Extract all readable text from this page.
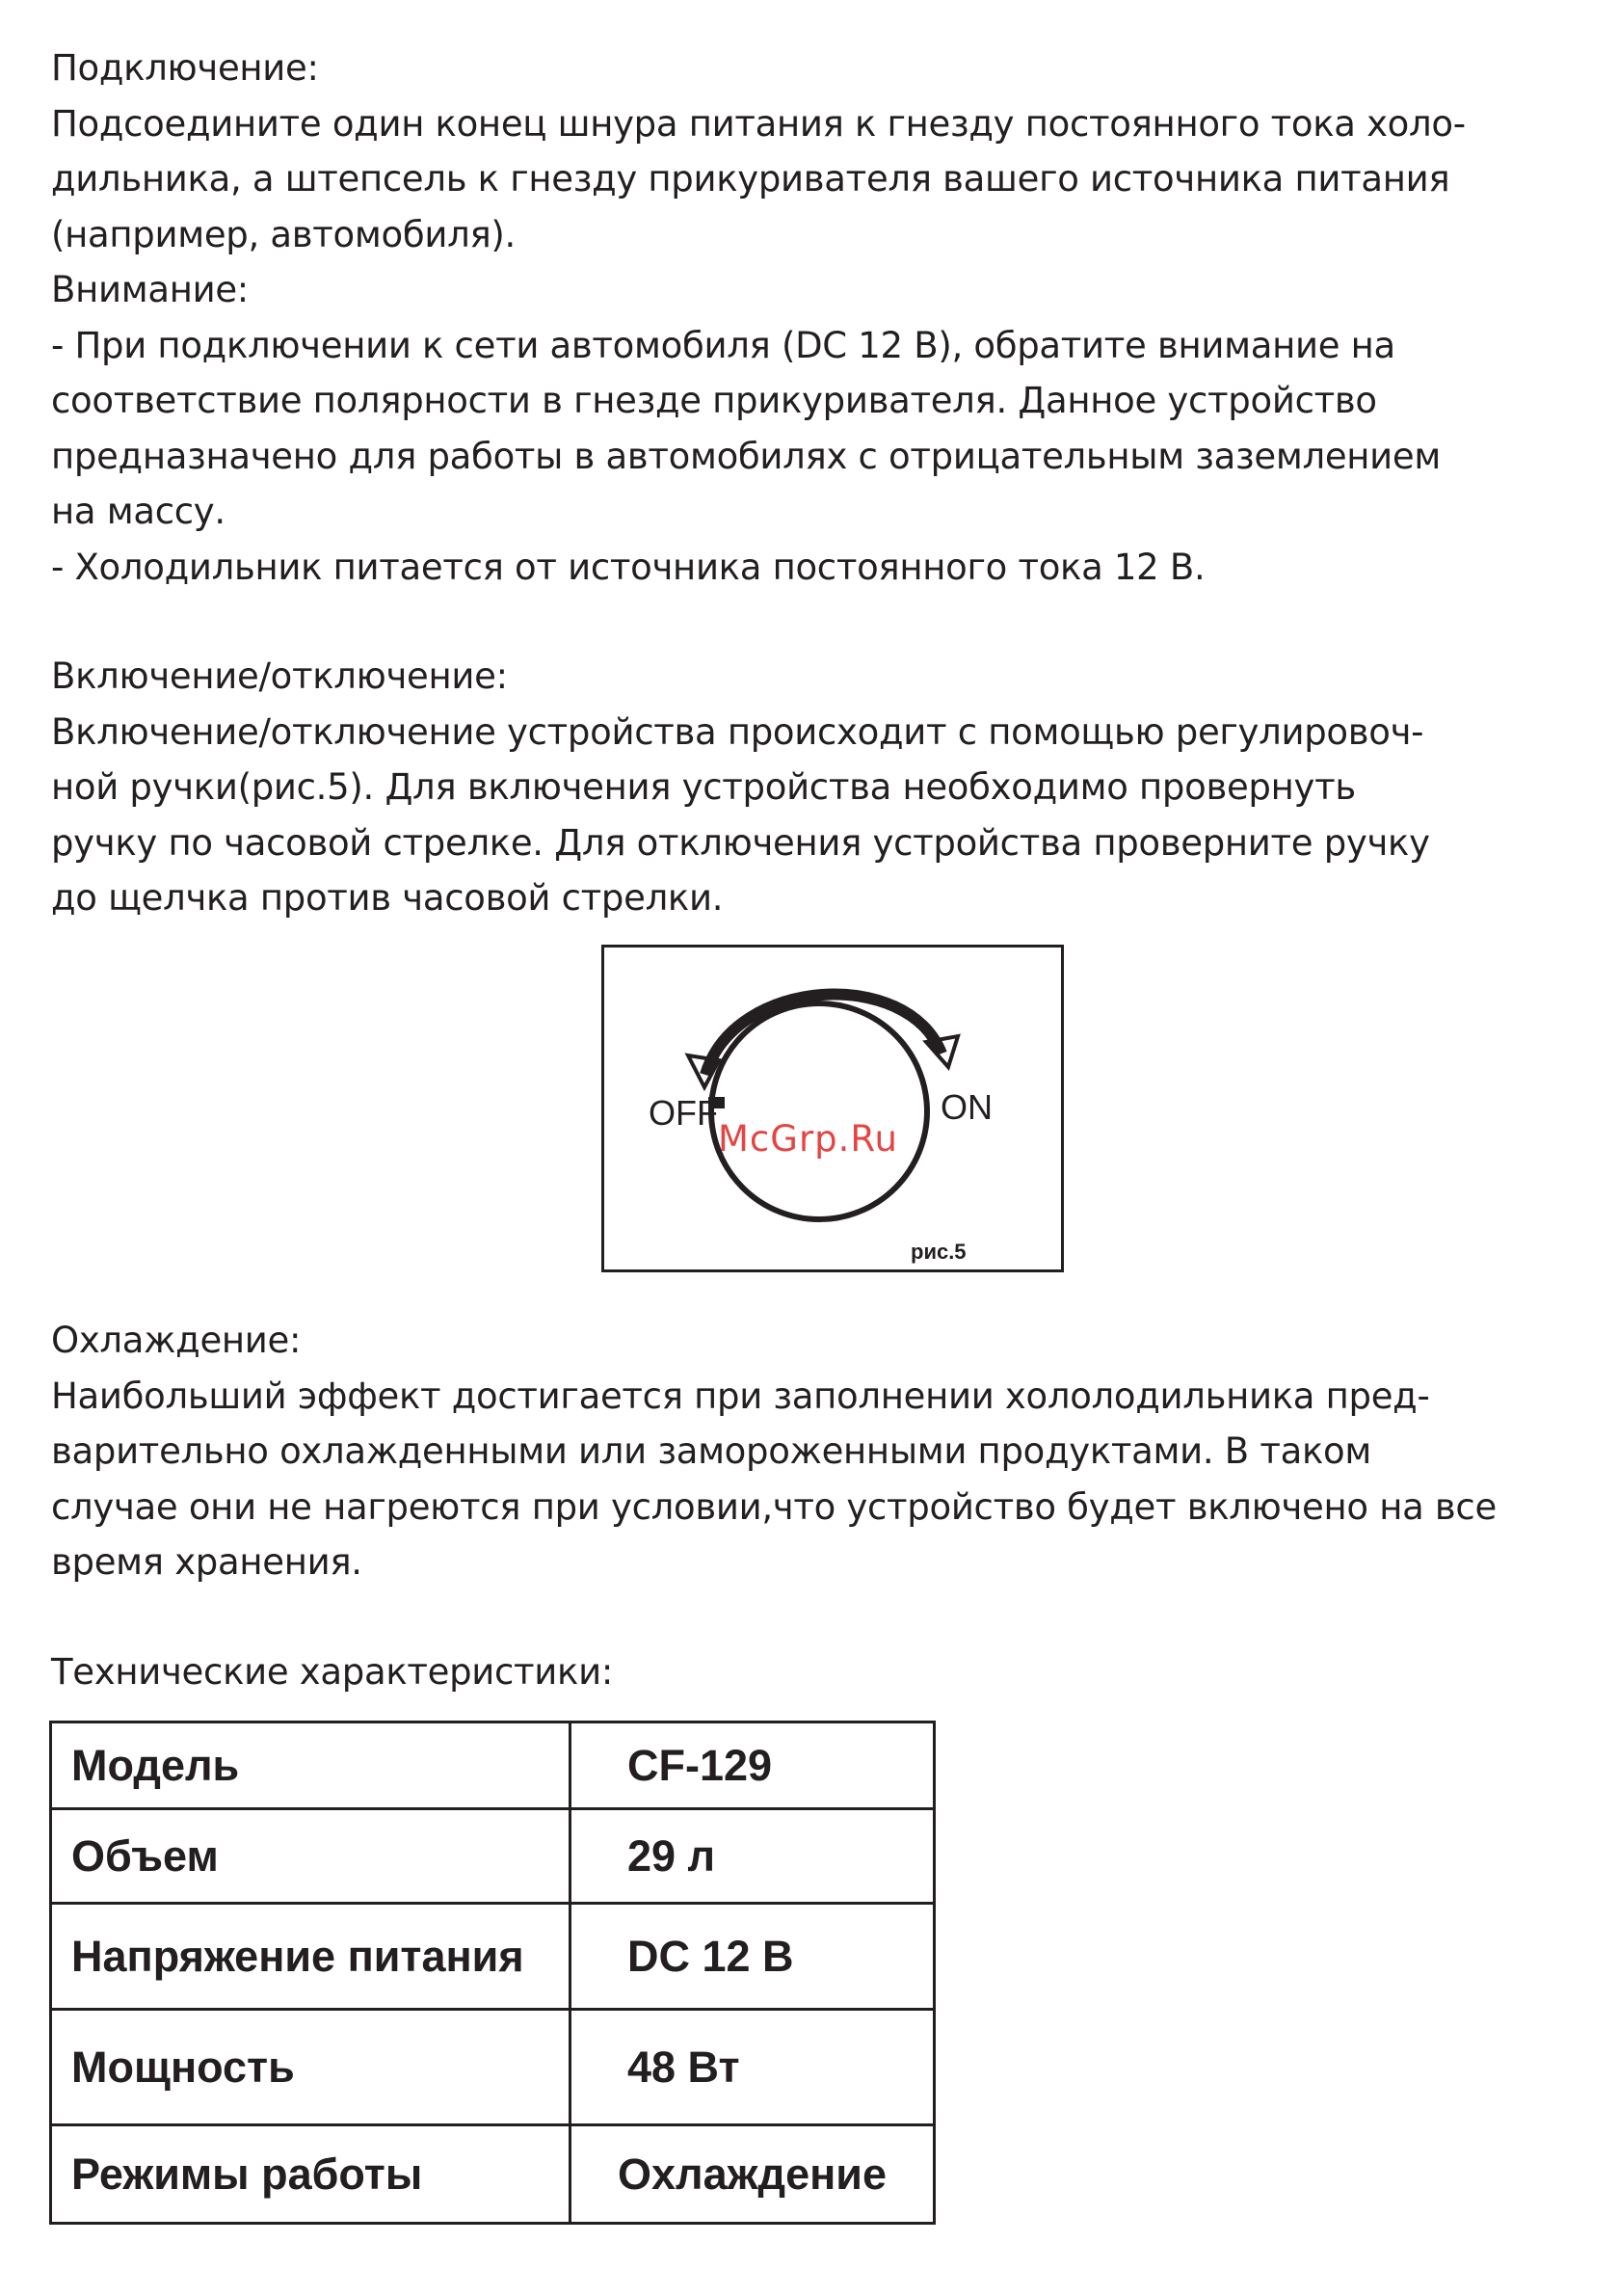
Подключение:
Подсоедините один конец шнура питания к гнезду постоянного тока холо-
дильника, а штепсель к гнезду прикуривателя вашего источника питания
(например, автомобиля).
Внимание:
- При подключении к сети автомобиля (DC 12 В), обратите внимание на
соответствие полярности в гнезде прикуривателя. Данное устройство
предназначено для работы в автомобилях с отрицательным заземлением
на массу.
- Холодильник питается от источника постоянного тока 12 В.
Включение/отключение:
Включение/отключение устройства происходит с помощью регулировоч-
ной ручки(рис.5). Для включения устройства необходимо провернуть
ручку по часовой стрелке. Для отключения устройства проверните ручку
до щелчка против часовой стрелки.
OFF	ON
McGrp.Ru
рис.5
Охлаждение:
Наибольший эффект достигается при заполнении хололодильника пред-
варительно охлажденными или замороженными продуктами. В таком
случае они не нагреются при условии,что устройство будет включено на все
время хранения.
Технические характеристики:
Модель	CF-129
Объем	29 л
Напряжение питания	DC 12 В
Мощность	48 Вт
Режимы работы	Охлаждение
